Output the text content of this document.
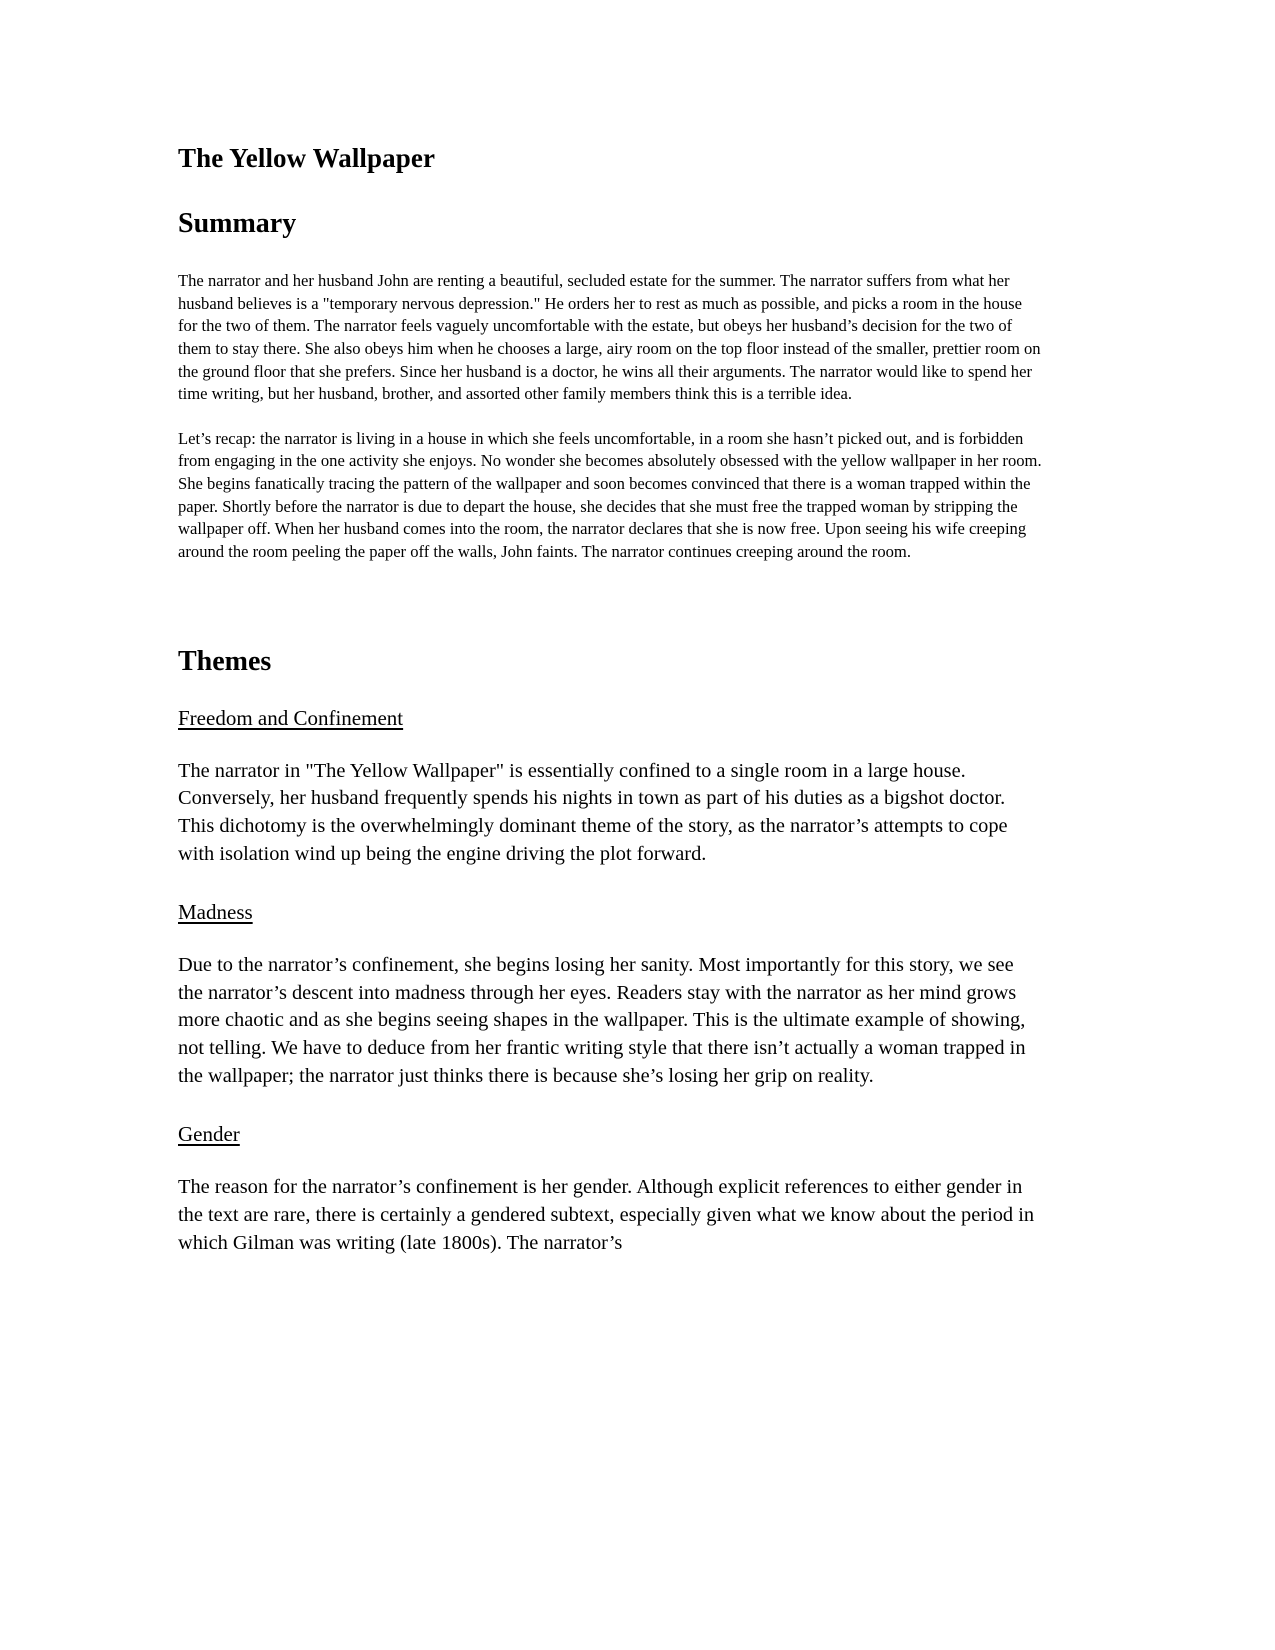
The Yellow Wallpaper
Summary

The narrator and her husband John are renting a beautiful, secluded estate for the summer. The narrator suffers from what her husband believes is a "temporary nervous depression." He orders her to rest as much as possible, and picks a room in the house for the two of them. The narrator feels vaguely uncomfortable with the estate, but obeys her husband’s decision for the two of them to stay there. She also obeys him when he chooses a large, airy room on the top floor instead of the smaller, prettier room on the ground floor that she prefers. Since her husband is a doctor, he wins all their arguments. The narrator would like to spend her time writing, but her husband, brother, and assorted other family members think this is a terrible idea.

Let’s recap: the narrator is living in a house in which she feels uncomfortable, in a room she hasn’t picked out, and is forbidden from engaging in the one activity she enjoys. No wonder she becomes absolutely obsessed with the yellow wallpaper in her room. She begins fanatically tracing the pattern of the wallpaper and soon becomes convinced that there is a woman trapped within the paper. Shortly before the narrator is due to depart the house, she decides that she must free the trapped woman by stripping the wallpaper off. When her husband comes into the room, the narrator declares that she is now free. Upon seeing his wife creeping around the room peeling the paper off the walls, John faints. The narrator continues creeping around the room.

Themes
Freedom and Confinement

The narrator in "The Yellow Wallpaper" is essentially confined to a single room in a large house. Conversely, her husband frequently spends his nights in town as part of his duties as a bigshot doctor. This dichotomy is the overwhelmingly dominant theme of the story, as the narrator’s attempts to cope with isolation wind up being the engine driving the plot forward.

Madness

Due to the narrator’s confinement, she begins losing her sanity. Most importantly for this story, we see the narrator’s descent into madness through her eyes. Readers stay with the narrator as her mind grows more chaotic and as she begins seeing shapes in the wallpaper. This is the ultimate example of showing, not telling. We have to deduce from her frantic writing style that there isn’t actually a woman trapped in the wallpaper; the narrator just thinks there is because she’s losing her grip on reality.

Gender

The reason for the narrator’s confinement is her gender. Although explicit references to either gender in the text are rare, there is certainly a gendered subtext, especially given what we know about the period in which Gilman was writing (late 1800s). The narrator’s
